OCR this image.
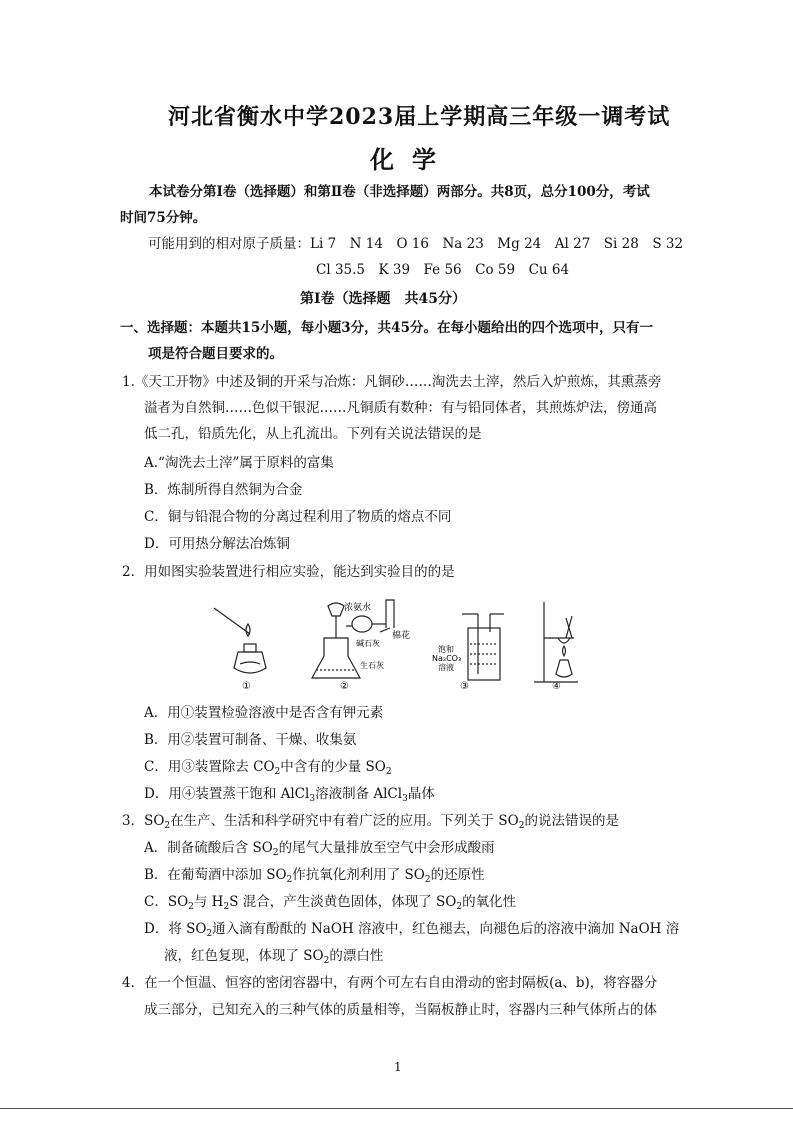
河北省衡水中学2023届上学期高三年级一调考试
化学
本试卷分第Ⅰ卷（选择题）和第Ⅱ卷（非选择题）两部分。共8页，总分100分，考试
时间75分钟。
可能用到的相对原子质量：Li 7　N 14　O 16　Na 23　Mg 24　Al 27　Si 28　S 32
Cl 35.5　K 39　Fe 56　Co 59　Cu 64
第Ⅰ卷（选择题　共45分）
一、选择题：本题共15小题，每小题3分，共45分。在每小题给出的四个选项中，只有一
项是符合题目要求的。
1.《天工开物》中述及铜的开采与冶炼：凡铜砂……淘洗去土滓，然后入炉煎炼，其熏蒸旁
溢者为自然铜……色似干银泥……凡铜质有数种：有与铅同体者，其煎炼炉法，傍通高
低二孔，铅质先化，从上孔流出。下列有关说法错误的是
A.“淘洗去土滓”属于原料的富集
B．炼制所得自然铜为合金
C．铜与铅混合物的分离过程利用了物质的熔点不同
D．可用热分解法冶炼铜
2．用如图实验装置进行相应实验，能达到实验目的的是
①	②	③	④
浓氨水
棉花
碱石灰
生石灰
饱和
Na₂CO₃
溶液
A．用①装置检验溶液中是否含有钾元素
B．用②装置可制备、干燥、收集氨
C．用③装置除去 $CO_2$中含有的少量 $SO_2$
D．用④装置蒸干饱和 AlCl$_3$溶液制备 AlCl$_3$晶体
3．$SO_2$在生产、生活和科学研究中有着广泛的应用。下列关于 $SO_2$的说法错误的是
A．制备硫酸后含 $SO_2$的尾气大量排放至空气中会形成酸雨
B．在葡萄酒中添加 $SO_2$作抗氧化剂利用了 $SO_2$的还原性
C．$SO_2$与 $H_2S$ 混合，产生淡黄色固体，体现了 $SO_2$的氧化性
D．将 $SO_2$通入滴有酚酞的 NaOH 溶液中，红色褪去，向褪色后的溶液中滴加 NaOH 溶
液，红色复现，体现了 $SO_2$的漂白性
4．在一个恒温、恒容的密闭容器中，有两个可左右自由滑动的密封隔板(a、b)，将容器分
成三部分，已知充入的三种气体的质量相等，当隔板静止时，容器内三种气体所占的体
1
